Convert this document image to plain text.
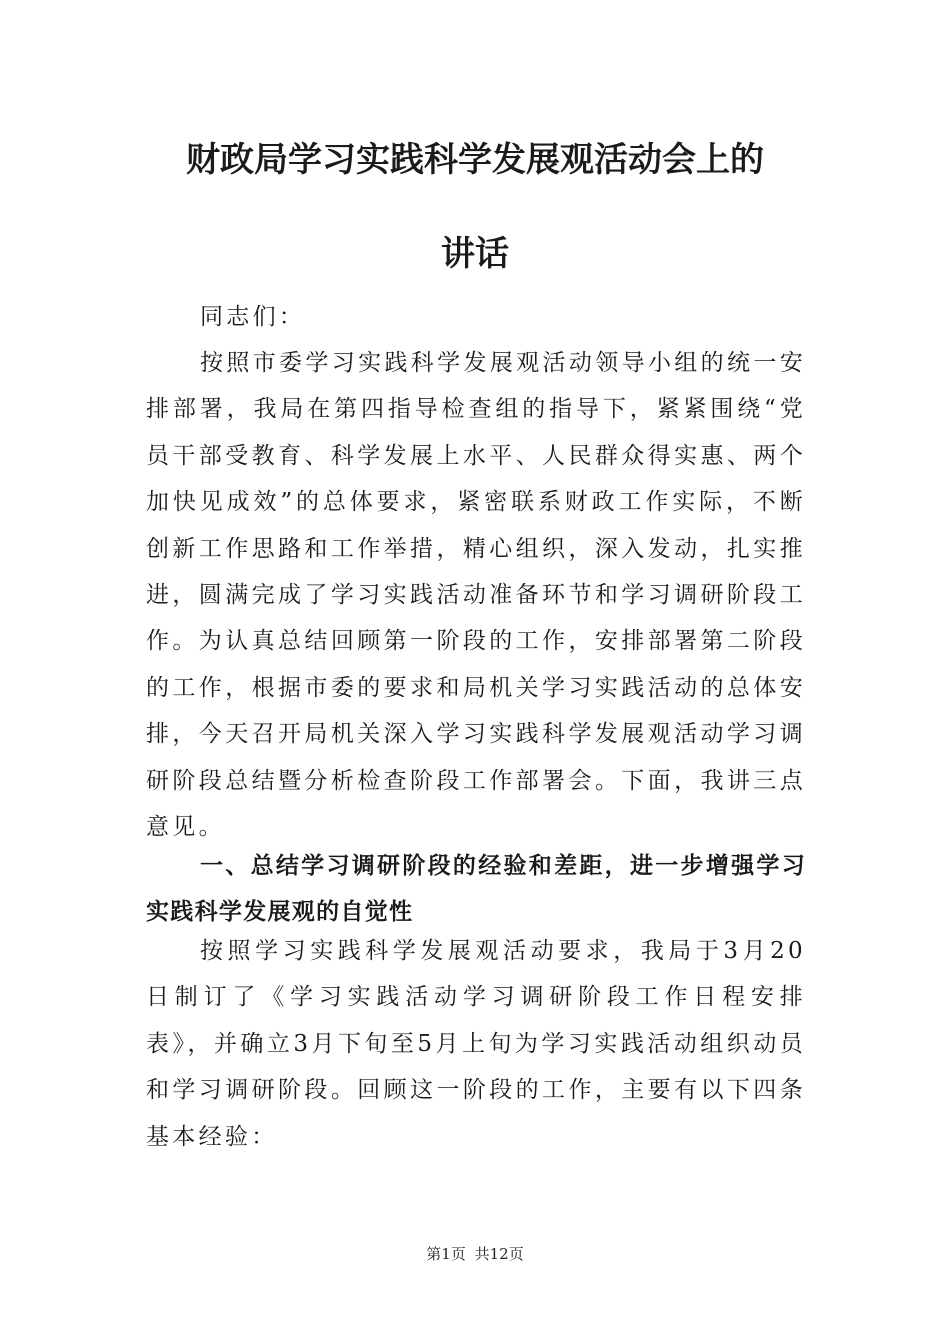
财政局学习实践科学发展观活动会上的
讲话

同志们：

按照市委学习实践科学发展观活动领导小组的统一安排部署，我局在第四指导检查组的指导下，紧紧围绕“党员干部受教育、科学发展上水平、人民群众得实惠、两个加快见成效”的总体要求，紧密联系财政工作实际，不断创新工作思路和工作举措，精心组织，深入发动，扎实推进，圆满完成了学习实践活动准备环节和学习调研阶段工作。为认真总结回顾第一阶段的工作，安排部署第二阶段的工作，根据市委的要求和局机关学习实践活动的总体安排，今天召开局机关深入学习实践科学发展观活动学习调研阶段总结暨分析检查阶段工作部署会。下面，我讲三点意见。

一、总结学习调研阶段的经验和差距，进一步增强学习实践科学发展观的自觉性

按照学习实践科学发展观活动要求，我局于3月20日制订了《学习实践活动学习调研阶段工作日程安排表》，并确立3月下旬至5月上旬为学习实践活动组织动员和学习调研阶段。回顾这一阶段的工作，主要有以下四条基本经验：

第1页 共12页
